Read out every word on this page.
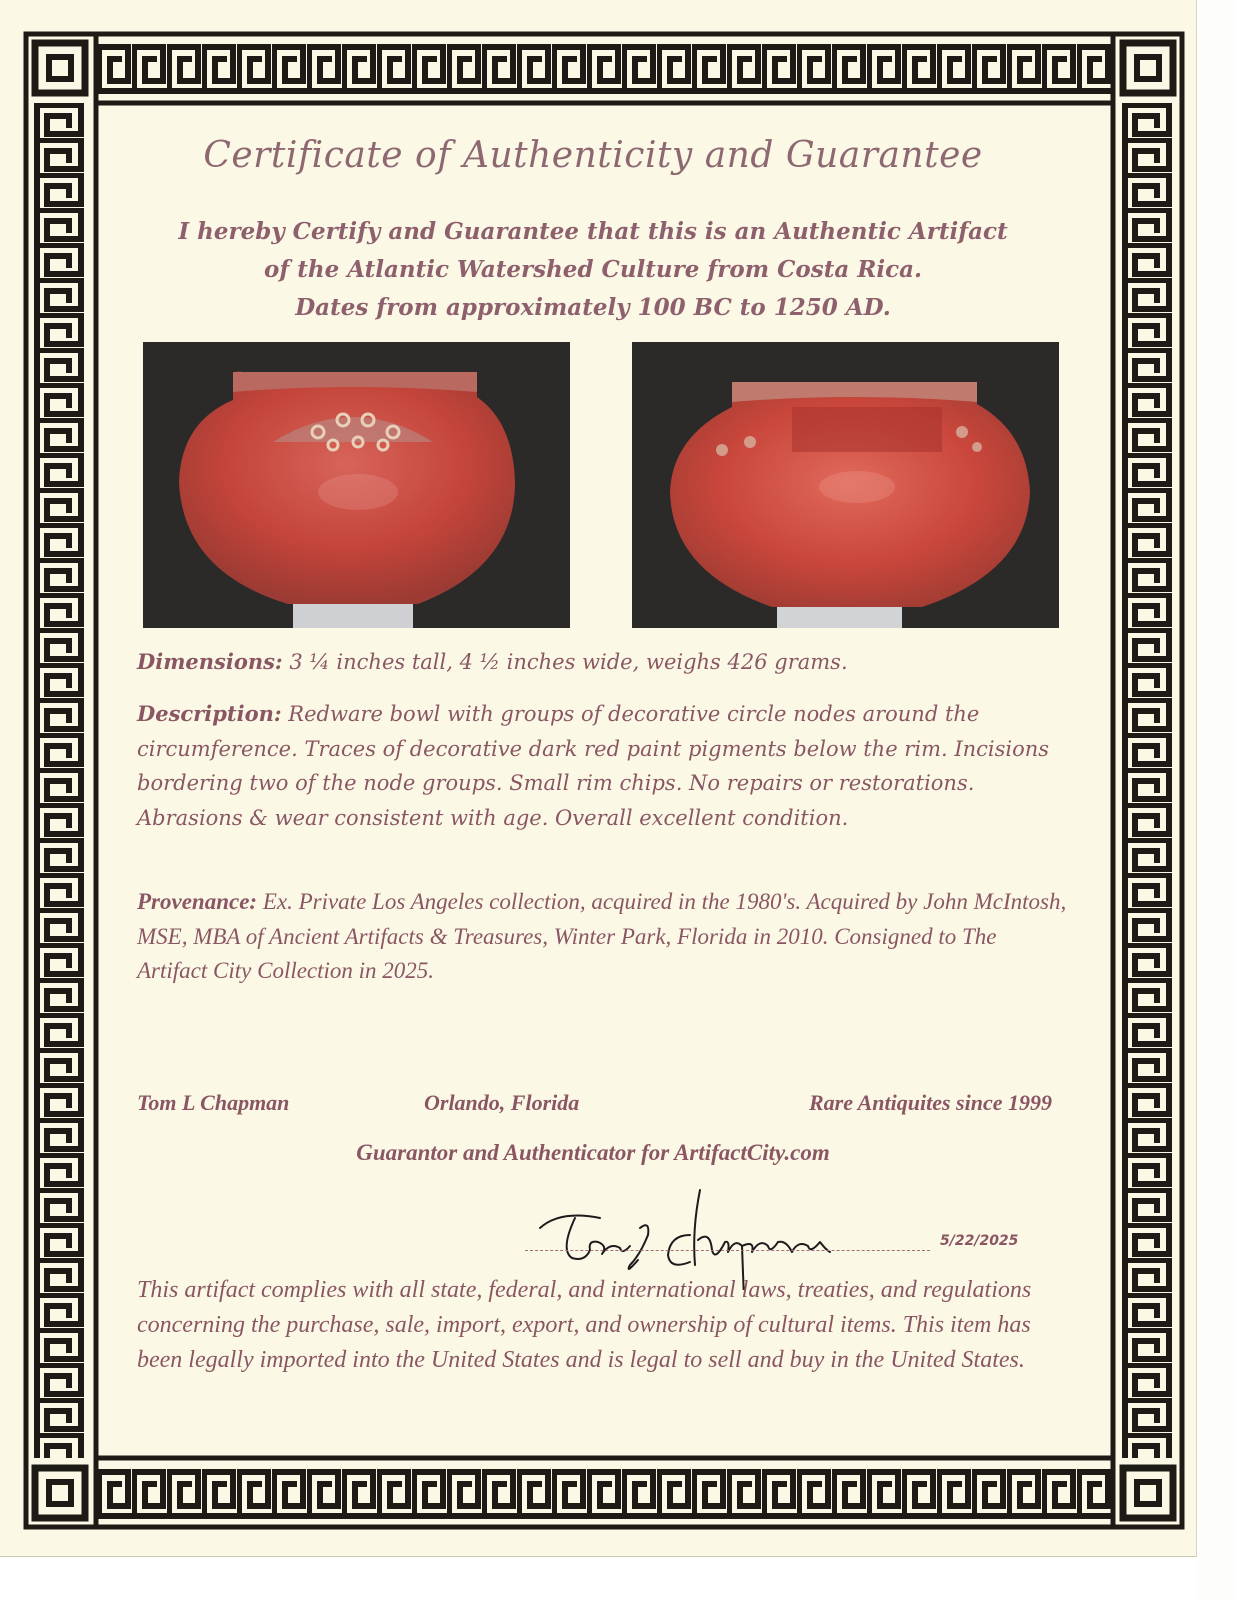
Certificate of Authenticity and Guarantee
I hereby Certify and Guarantee that this is an Authentic Artifact
of the Atlantic Watershed Culture from Costa Rica.
Dates from approximately 100 BC to 1250 AD.
Dimensions: 3 ¼ inches tall, 4 ½ inches wide, weighs 426 grams.
Description: Redware bowl with groups of decorative circle nodes around the circumference. Traces of decorative dark red paint pigments below the rim. Incisions bordering two of the node groups. Small rim chips. No repairs or restorations. Abrasions & wear consistent with age. Overall excellent condition.
Provenance: Ex. Private Los Angeles collection, acquired in the 1980's. Acquired by John McIntosh, MSE, MBA of Ancient Artifacts & Treasures, Winter Park, Florida in 2010. Consigned to The Artifact City Collection in 2025.
Tom L Chapman	Orlando, Florida	Rare Antiquites since 1999
Guarantor and Authenticator for ArtifactCity.com
5/22/2025
This artifact complies with all state, federal, and international laws, treaties, and regulations concerning the purchase, sale, import, export, and ownership of cultural items. This item has been legally imported into the United States and is legal to sell and buy in the United States.
